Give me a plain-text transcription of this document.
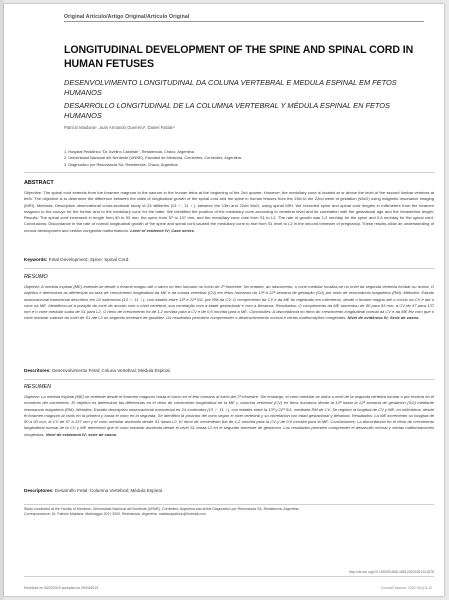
Original Artículo/Artigo Original/Artículo Original
LONGITUDINAL DEVELOPMENT OF THE SPINE AND SPINAL CORD IN HUMAN FETUSES
DESENVOLVIMENTO LONGITUDINAL DA COLUNA VERTEBRAL E MEDULA ESPINAL EM FETOS HUMANOS
DESARROLLO LONGITUDINAL DE LA COLUMNA VERTEBRAL Y MÉDULA ESPINAL EN FETOS HUMANOS
Patricio Maidana¹, Juan Armando Guerrero², Daniel Fabián³
1. Hospital Pediátrico "Dr. Avelino Castelán", Resistencia, Chaco, Argentina.
2. Universidad Nacional del Nordeste (UNNE), Facultad de Medicina, Corrientes, Corrientes, Argentina.
3. Diagnóstico por Resonancia SA, Resistencia, Chaco, Argentina.
ABSTRACT
Objective: The spinal cord extends from the foramen magnum to the sacrum in the human fetus at the beginning of the 2nd quarter. However, the medullary cone is located at or above the level of the second lumbar vertebra at birth. The objective is to determine the difference between the rates of longitudinal growth of the spinal cord and the spine in human fetuses from the 13th to the 22nd week of gestation (WoG) using magnetic resonance imaging (MRI). Methods: Descriptive observational cross-sectional study of 24 stillbirths (13 ♂, 11 ♀), between the 13th and 22nd WoG, using spinal MRI. We recorded spine and spinal cord lengths in millimeters from the foramen magnum to the coccyx for the former and to the medullary cone for the latter. We identified the position of the medullary cone according to vertebral level and its correlation with the gestational age and the intrauterine length. Results: The spinal cord increased in length from 50 to 93 mm, the spine from 57 to 137 mm, and the medullary cone rose from S1 to L2. The rate of growth was 1.2 mm/day for the spine and 0.6 mm/day for the spinal cord. Conclusions: Discordance in the rate of normal longitudinal growth of the spine and spinal cord caused the medullary cone to rise from S1 level to L2 in the second trimester of pregnancy. These results allow an understanding of normal development and certain congenital malformations. Level of evidence IV; Case series.
Keywords: Fetal Development; Spine; Spinal Cord.
RESUMO
Objetivo: A medula espinal (ME) estende-se desde o forame magno até o sacro no feto humano no início do 2º trimestre. No entanto, ao nascimento, o cone medular localiza-se no nível da segunda vértebra lombar ou acima. O objetivo é determinar as diferenças na taxa de crescimento longitudinal da ME e da coluna vertebral (CV) em fetos humanos da 13ª à 22ª semana de gestação (SG) por meio de ressonância magnética (RM). Métodos: Estudo observacional transversal descritivo em 24 natimortos (13 ♂, 11 ♀), com idades entre 13ª e 22ª SG, por RM da CV. O comprimento da CV e da ME foi registrado em milímetros, desde o forame magno até o cóccix na CV e até o cone na ME. Identificou-se a posição do cone de acordo com o nível vertebral, sua correlação com a idade gestacional e com a literatura. Resultados: O comprimento da ME aumentou de 50 para 93 mm, a CV de 57 para 137 mm e o cone medular subiu de S1 para L2. O ritmo de crescimento foi de 1,2 mm/dia para a CV e de 0,6 mm/dia para a ME. Conclusões: A discordância no ritmo do crescimento longitudinal normal da CV e da ME fez com que o cone medular subisse do nível de S1 até L2 no segundo trimestre de gravidez. Os resultados permitem compreender o desenvolvimento normal e certas malformações congênitas. Nível de evidência IV; Série de casos.
Descritores: Desenvolvimento Fetal; Coluna Vertebral; Medula Espinal.
RESUMEN
Objetivo: La médula espinal (ME) se extiende desde el foramen magnum hasta el sacro en el feto humano al inicio del 2º trimestre. Sin embargo, el cono medular se ubica a nivel de la segunda vértebra lumbar o por encima en el momento del nacimiento. El objetivo es determinar las diferencias en el ritmo de crecimiento longitudinal de la ME y columna vertebral (CV) en fetos humanos desde la 13ª hasta la 22ª semana de gestación (SG) mediante resonancia magnética (RM). Métodos: Estudio descriptivo observacional transversal en 24 mortinatos (13 ♂, 11 ♀), con edades entre la 13ª y 22ª SG, mediante RM de CV. Se registró la longitud de CV y ME, en milímetros, desde el foramen magnum al coxis en la primera y hasta el cono en la segunda. Se identificó la posición del cono según el nivel vertebral y su correlación con edad gestacional y literatura. Resultados: La ME incrementó su longitud de 50 a 93 mm, la CV de 57 a 137 mm y el cono medular ascendió desde S1 hasta L2. El ritmo de crecimiento fue de 1,2 mm/día para la CV y de 0,6 mm/día para la ME. Conclusiones: La discordancia en el ritmo de crecimiento longitudinal normal de la CV y ME determinó que el cono medular ascienda desde el nivel S1 hasta L2 en el segundo trimestre de gestación. Los resultados permiten comprender el desarrollo normal y ciertas malformaciones congénitas. Nivel de evidencia IV; serie de casos.
Descriptores: Desarrollo Fetal; Columna Vertebral; Médula Espinal.
Study conducted at the Faculty of Medicine, Universidad Nacional del Nordeste (UNNE), Corrientes, Argentina and at the Diagnóstico por Resonancia SA, Resistencia, Argentina.
Correspondence: Dr. Patricio Maidana. Marinaggio 201 | 3500, Resistencia, Argentina. maidanapatricio@hotmail.com
http://dx.doi.org/10.1590/S1808-185120201801221678
Received on 03/20/2019 accepted on 09/04/2019	Coluna/Columna. 2020;19(1):8-12
